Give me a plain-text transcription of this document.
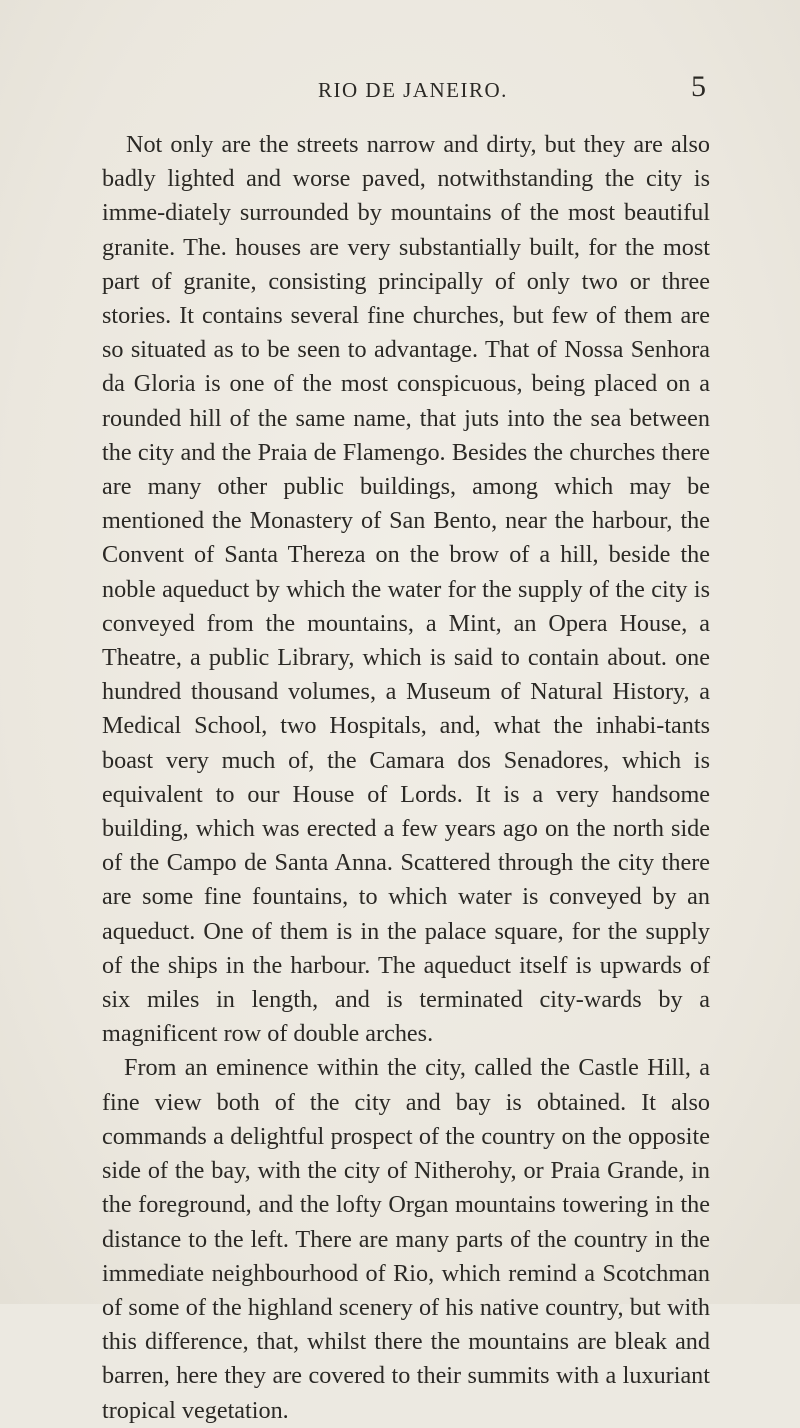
RIO DE JANEIRO.	5

Not only are the streets narrow and dirty, but they are also badly lighted and worse paved, notwithstanding the city is imme-diately surrounded by mountains of the most beautiful granite. The. houses are very substantially built, for the most part of granite, consisting principally of only two or three stories. It contains several fine churches, but few of them are so situated as to be seen to advantage. That of Nossa Senhora da Gloria is one of the most conspicuous, being placed on a rounded hill of the same name, that juts into the sea between the city and the Praia de Flamengo. Besides the churches there are many other public buildings, among which may be mentioned the Monastery of San Bento, near the harbour, the Convent of Santa Thereza on the brow of a hill, beside the noble aqueduct by which the water for the supply of the city is conveyed from the mountains, a Mint, an Opera House, a Theatre, a public Library, which is said to contain about. one hundred thousand volumes, a Museum of Natural History, a Medical School, two Hospitals, and, what the inhabi-tants boast very much of, the Camara dos Senadores, which is equivalent to our House of Lords. It is a very handsome building, which was erected a few years ago on the north side of the Campo de Santa Anna. Scattered through the city there are some fine fountains, to which water is conveyed by an aqueduct. One of them is in the palace square, for the supply of the ships in the harbour. The aqueduct itself is upwards of six miles in length, and is terminated city-wards by a magnificent row of double arches.

From an eminence within the city, called the Castle Hill, a fine view both of the city and bay is obtained. It also commands a delightful prospect of the country on the opposite side of the bay, with the city of Nitherohy, or Praia Grande, in the foreground, and the lofty Organ mountains towering in the distance to the left. There are many parts of the country in the immediate neighbourhood of Rio, which remind a Scotchman of some of the highland scenery of his native country, but with this difference, that, whilst there the mountains are bleak and barren, here they are covered to their summits with a luxuriant tropical vegetation.
